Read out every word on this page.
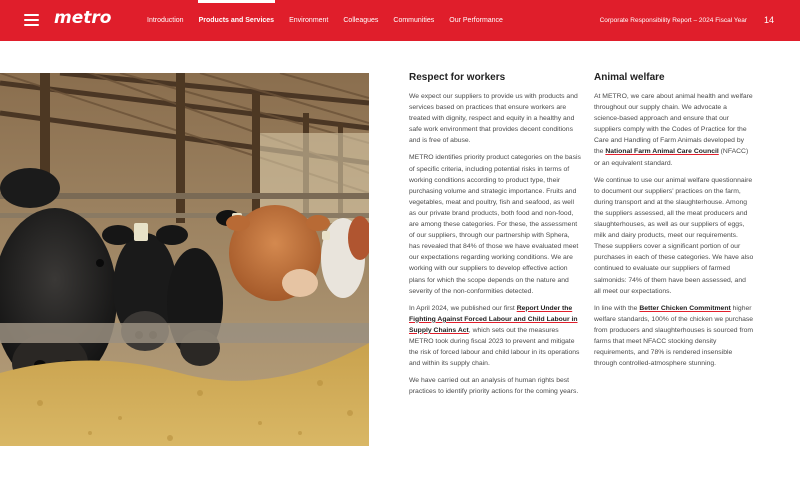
metro	Introduction Products and Services Environment Colleagues Communities Our Performance	Corporate Responsibility Report – 2024 Fiscal Year 14
Respect for workers

We expect our suppliers to provide us with products and services based on practices that ensure workers are treated with dignity, respect and equity in a healthy and safe work environment that provides decent conditions and is free of abuse.

METRO identifies priority product categories on the basis of specific criteria, including potential risks in terms of working conditions according to product type, their purchasing volume and strategic importance. Fruits and vegetables, meat and poultry, fish and seafood, as well as our private brand products, both food and non-food, are among these categories. For these, the assessment of our suppliers, through our partnership with Sphera, has revealed that 84% of those we have evaluated meet our expectations regarding working conditions. We are working with our suppliers to develop effective action plans for which the scope depends on the nature and severity of the non-conformities detected.

In April 2024, we published our first Report Under the Fighting Against Forced Labour and Child Labour in Supply Chains Act, which sets out the measures METRO took during fiscal 2023 to prevent and mitigate the risk of forced labour and child labour in its operations and within its supply chain.

We have carried out an analysis of human rights best practices to identify priority actions for the coming years.

Animal welfare

At METRO, we care about animal health and welfare throughout our supply chain. We advocate a science-based approach and ensure that our suppliers comply with the Codes of Practice for the Care and Handling of Farm Animals developed by the National Farm Animal Care Council (NFACC) or an equivalent standard.

We continue to use our animal welfare questionnaire to document our suppliers' practices on the farm, during transport and at the slaughterhouse. Among the suppliers assessed, all the meat producers and slaughterhouses, as well as our suppliers of eggs, milk and dairy products, meet our requirements. These suppliers cover a significant portion of our purchases in each of these categories. We have also continued to evaluate our suppliers of farmed salmonids: 74% of them have been assessed, and all meet our expectations.

In line with the Better Chicken Commitment higher welfare standards, 100% of the chicken we purchase from producers and slaughterhouses is sourced from farms that meet NFACC stocking density requirements, and 78% is rendered insensible through controlled-atmosphere stunning.
